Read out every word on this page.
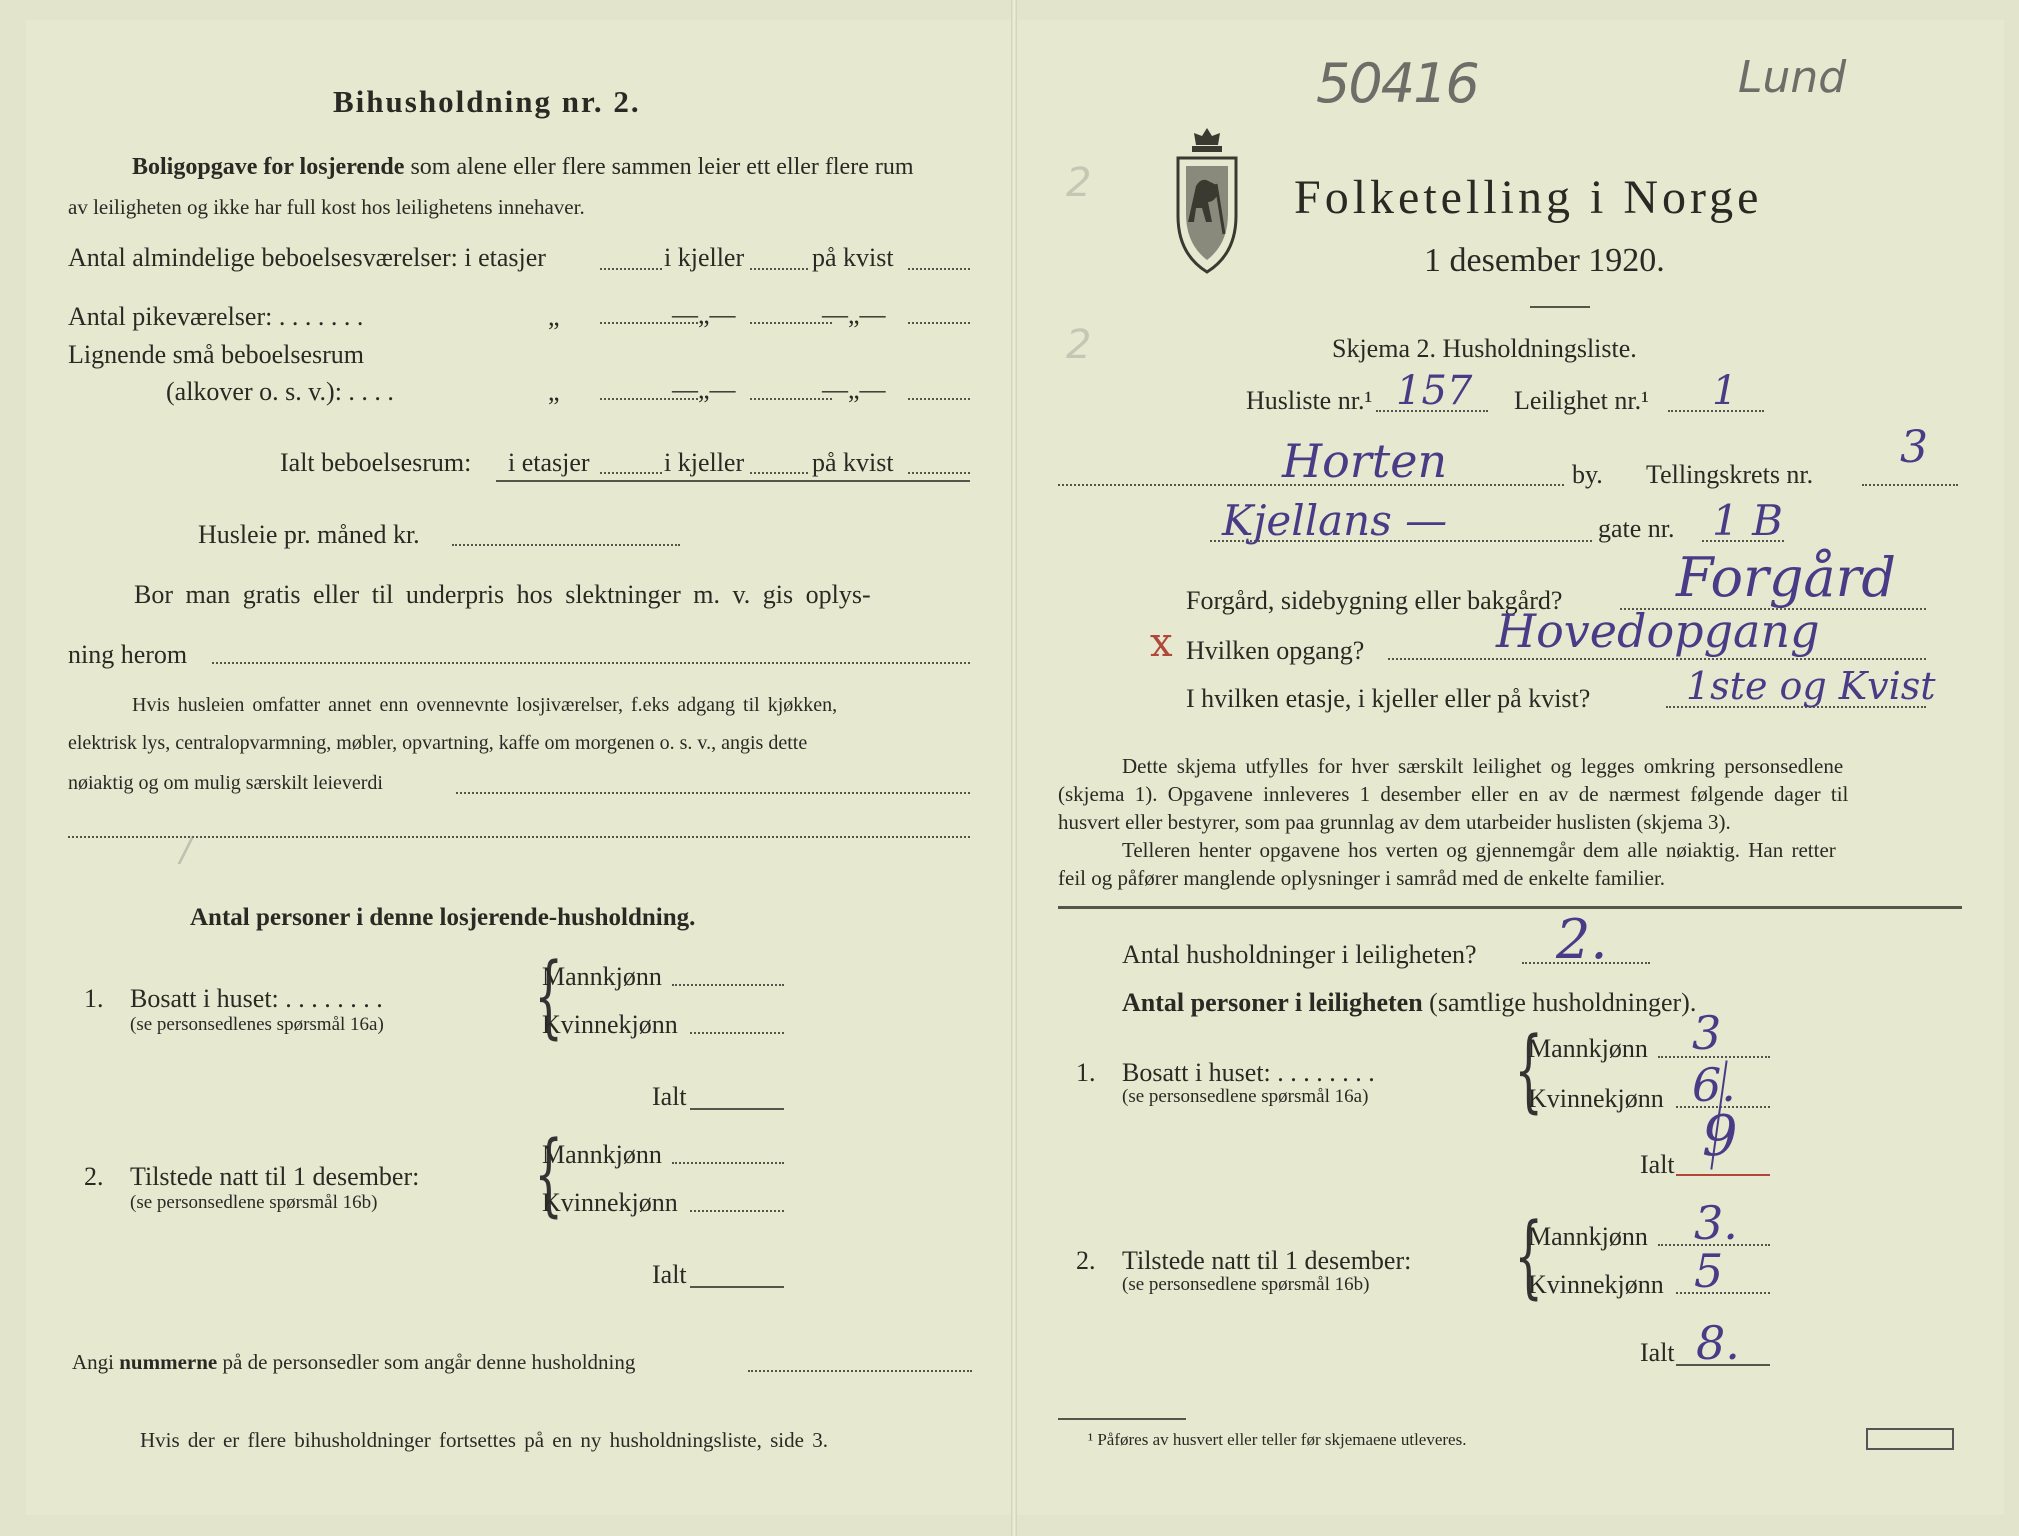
Bihusholdning nr. 2.
Boligopgave for losjerende som alene eller flere sammen leier ett eller flere rum
av leiligheten og ikke har full kost hos leilighetens innehaver.
Antal almindelige beboelsesværelser: i etasjer	i kjeller	på kvist
Antal pikeværelser: . . . . . . .	„	—„—	—„—
Lignende små beboelsesrum
(alkover o. s. v.): . . . .	„	—„—	—„—
Ialt beboelsesrum: i etasjer	i kjeller	på kvist
Husleie pr. måned kr.
Bor man gratis eller til underpris hos slektninger m. v. gis oplys-
ning herom
Hvis husleien omfatter annet enn ovennevnte losjiværelser, f.eks adgang til kjøkken,
elektrisk lys, centralopvarmning, møbler, opvartning, kaffe om morgenen o. s. v., angis dette
nøiaktig og om mulig særskilt leieverdi
Antal personer i denne losjerende-husholdning.
1. Bosatt i huset: . . . . . . . .
(se personsedlenes spørsmål 16a) {
Mannkjønn
Kvinnekjønn
Ialt
2. Tilstede natt til 1 desember:
(se personsedlene spørsmål 16b) {
Mannkjønn
Kvinnekjønn
Ialt
Angi nummerne på de personsedler som angår denne husholdning
Hvis der er flere bihusholdninger fortsettes på en ny husholdningsliste, side 3.
/
50416	Lund
Folketelling i Norge
1 desember 1920.
Skjema 2. Husholdningsliste.
Husliste nr.¹ 157 Leilighet nr.¹ 1
Horten	by. Tellingskrets nr.
3
Kjellans —	gate nr. 1 B
Forgård, sidebygning eller bakgård? Forgård
x Hvilken opgang?	Hovedopgang
I hvilken etasje, i kjeller eller på kvist?	1ste og Kvist
Dette skjema utfylles for hver særskilt leilighet og legges omkring personsedlene
(skjema 1). Opgavene innleveres 1 desember eller en av de nærmest følgende dager til
husvert eller bestyrer, som paa grunnlag av dem utarbeider huslisten (skjema 3).
Telleren henter opgavene hos verten og gjennemgår dem alle nøiaktig. Han retter
feil og påfører manglende oplysninger i samråd med de enkelte familier.
Antal husholdninger i leiligheten? 2.
Antal personer i leiligheten (samtlige husholdninger).
1. Bosatt i huset: . . . . . . . .
(se personsedlene spørsmål 16a) {
Mannkjønn 3
Kvinnekjønn 6.
Ialt 9
2. Tilstede natt til 1 desember:
(se personsedlene spørsmål 16b) {
Mannkjønn 3.
Kvinnekjønn 5
Ialt 8.
¹ Påføres av husvert eller teller før skjemaene utleveres.
2
2
